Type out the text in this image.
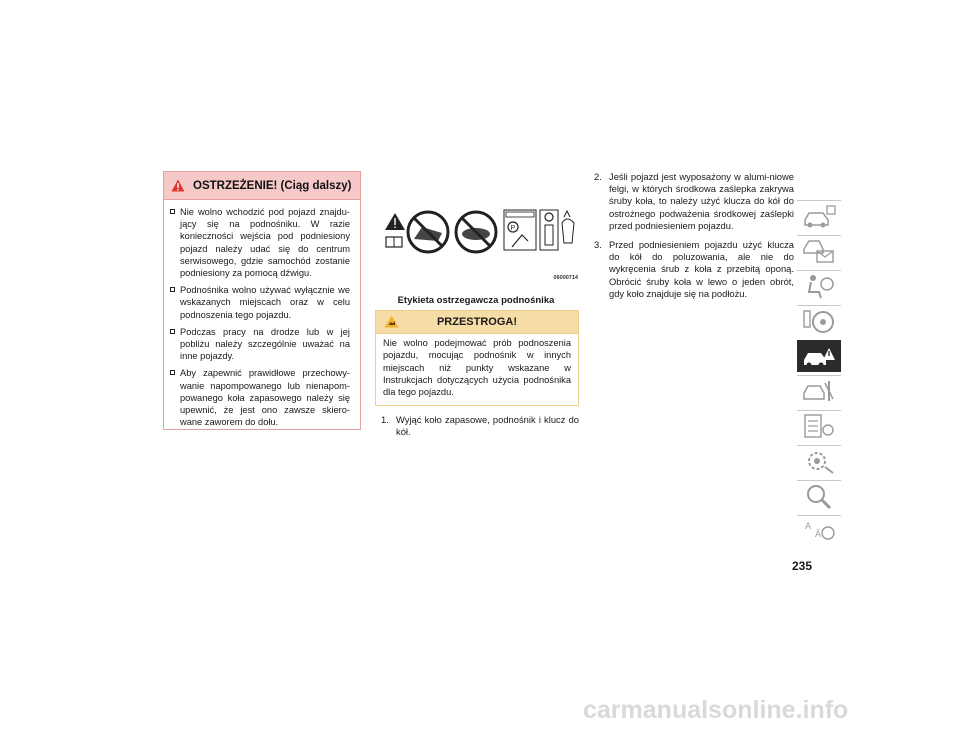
OSTRZEŻENIE! (Ciąg dalszy)
Nie wolno wchodzić pod pojazd znajdu-jący się na podnośniku. W razie konieczności wejścia pod podniesiony pojazd należy udać się do centrum serwisowego, gdzie samochód zostanie podniesiony za pomocą dźwigu.
Podnośnika wolno używać wyłącznie we wskazanych miejscach oraz w celu podnoszenia tego pojazdu.
Podczas pracy na drodze lub w jej pobliżu należy szczególnie uważać na inne pojazdy.
Aby zapewnić prawidłowe przechowy-wanie napompowanego lub nienapom-powanego koła zapasowego należy się upewnić, że jest ono zawsze skiero-wane zaworem do dołu.
P
06000714
Etykieta ostrzegawcza podnośnika
PRZESTROGA!
Nie wolno podejmować prób podnoszenia pojazdu, mocując podnośnik w innych miejscach niż punkty wskazane w Instrukcjach dotyczących użycia podnośnika dla tego pojazdu.
1. Wyjąć koło zapasowe, podnośnik i klucz do kół.
2. Jeśli pojazd jest wyposażony w alumi-niowe felgi, w których środkowa zaślepka zakrywa śruby koła, to należy użyć klucza do kół do ostrożnego podważenia środkowej zaślepki przed podniesieniem pojazdu.
3. Przed podniesieniem pojazdu użyć klucza do kół do poluzowania, ale nie do wykręcenia śrub z koła z przebitą oponą. Obrócić śruby koła w lewo o jeden obrót, gdy koło znajduje się na podłożu.
A
Ä
235
carmanualsonline.info
